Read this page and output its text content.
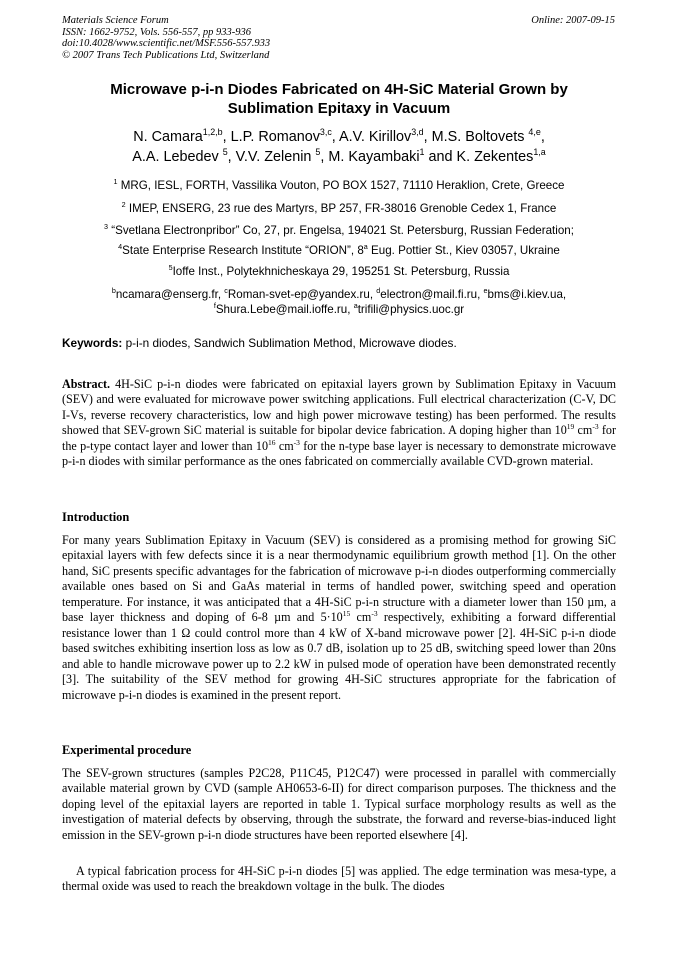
Materials Science Forum
ISSN: 1662-9752, Vols. 556-557, pp 933-936
doi:10.4028/www.scientific.net/MSF.556-557.933
© 2007 Trans Tech Publications Ltd, Switzerland
Online: 2007-09-15
Microwave p-i-n Diodes Fabricated on 4H-SiC Material Grown by
Sublimation Epitaxy in Vacuum
N. Camara$^{1,2,b}$, L.P. Romanov$^{3,c}$, A.V. Kirillov$^{3,d}$, M.S. Boltovets $^{4,e}$,
A.A. Lebedev $^5$, V.V. Zelenin $^5$, M. Kayambaki$^1$ and K. Zekentes$^{1,a}$
$^1$ MRG, IESL, FORTH, Vassilika Vouton, PO BOX 1527, 71110 Heraklion, Crete, Greece
$^2$ IMEP, ENSERG, 23 rue des Martyrs, BP 257, FR-38016 Grenoble Cedex 1, France
$^3$ “Svetlana Electronpribor” Co, 27, pr. Engelsa, 194021 St. Petersburg, Russian Federation;
$^4$State Enterprise Research Institute “ORION”, 8$^a$ Eug. Pottier St., Kiev 03057, Ukraine
$^5$Ioffe Inst., Polytekhnicheskaya 29, 195251 St. Petersburg, Russia
$^b$ncamara@enserg.fr, $^c$Roman-svet-ep@yandex.ru, $^d$electron@mail.fi.ru, $^e$bms@i.kiev.ua,
$^f$Shura.Lebe@mail.ioffe.ru, $^a$trifili@physics.uoc.gr
Keywords: p-i-n diodes, Sandwich Sublimation Method, Microwave diodes.
Abstract. 4H-SiC p-i-n diodes were fabricated on epitaxial layers grown by Sublimation Epitaxy in Vacuum (SEV) and were evaluated for microwave power switching applications. Full electrical characterization (C-V, DC I-Vs, reverse recovery characteristics, low and high power microwave testing) has been performed. The results showed that SEV-grown SiC material is suitable for bipolar device fabrication. A doping higher than $10^{19}$ $cm^{-3}$ for the p-type contact layer and lower than $10^{16}$ $cm^{-3}$ for the n-type base layer is necessary to demonstrate microwave p-i-n diodes with similar performance as the ones fabricated on commercially available CVD-grown material.
Introduction
For many years Sublimation Epitaxy in Vacuum (SEV) is considered as a promising method for growing SiC epitaxial layers with few defects since it is a near thermodynamic equilibrium growth method [1]. On the other hand, SiC presents specific advantages for the fabrication of microwave p-i-n diodes outperforming commercially available ones based on Si and GaAs material in terms of handled power, switching speed and operation temperature. For instance, it was anticipated that a 4H-SiC p-i-n structure with a diameter lower than 150 µm, a base layer thickness and doping of 6-8 µm and $5\cdot 10^{15}$ $cm^{-3}$ respectively, exhibiting a forward differential resistance lower than 1 Ω could control more than 4 kW of X-band microwave power [2]. 4H-SiC p-i-n diode based switches exhibiting insertion loss as low as 0.7 dB, isolation up to 25 dB, switching speed lower than 20ns and able to handle microwave power up to 2.2 kW in pulsed mode of operation have been demonstrated recently [3]. The suitability of the SEV method for growing 4H-SiC structures appropriate for the fabrication of microwave p-i-n diodes is examined in the present report.
Experimental procedure
The SEV-grown structures (samples P2C28, P11C45, P12C47) were processed in parallel with commercially available material grown by CVD (sample AH0653-6-II) for direct comparison purposes. The thickness and the doping level of the epitaxial layers are reported in table 1. Typical surface morphology results as well as the investigation of material defects by observing, through the substrate, the forward and reverse-bias-induced light emission in the SEV-grown p-i-n diode structures have been reported elsewhere [4].
A typical fabrication process for 4H-SiC p-i-n diodes [5] was applied. The edge termination was mesa-type, a thermal oxide was used to reach the breakdown voltage in the bulk. The diodes
